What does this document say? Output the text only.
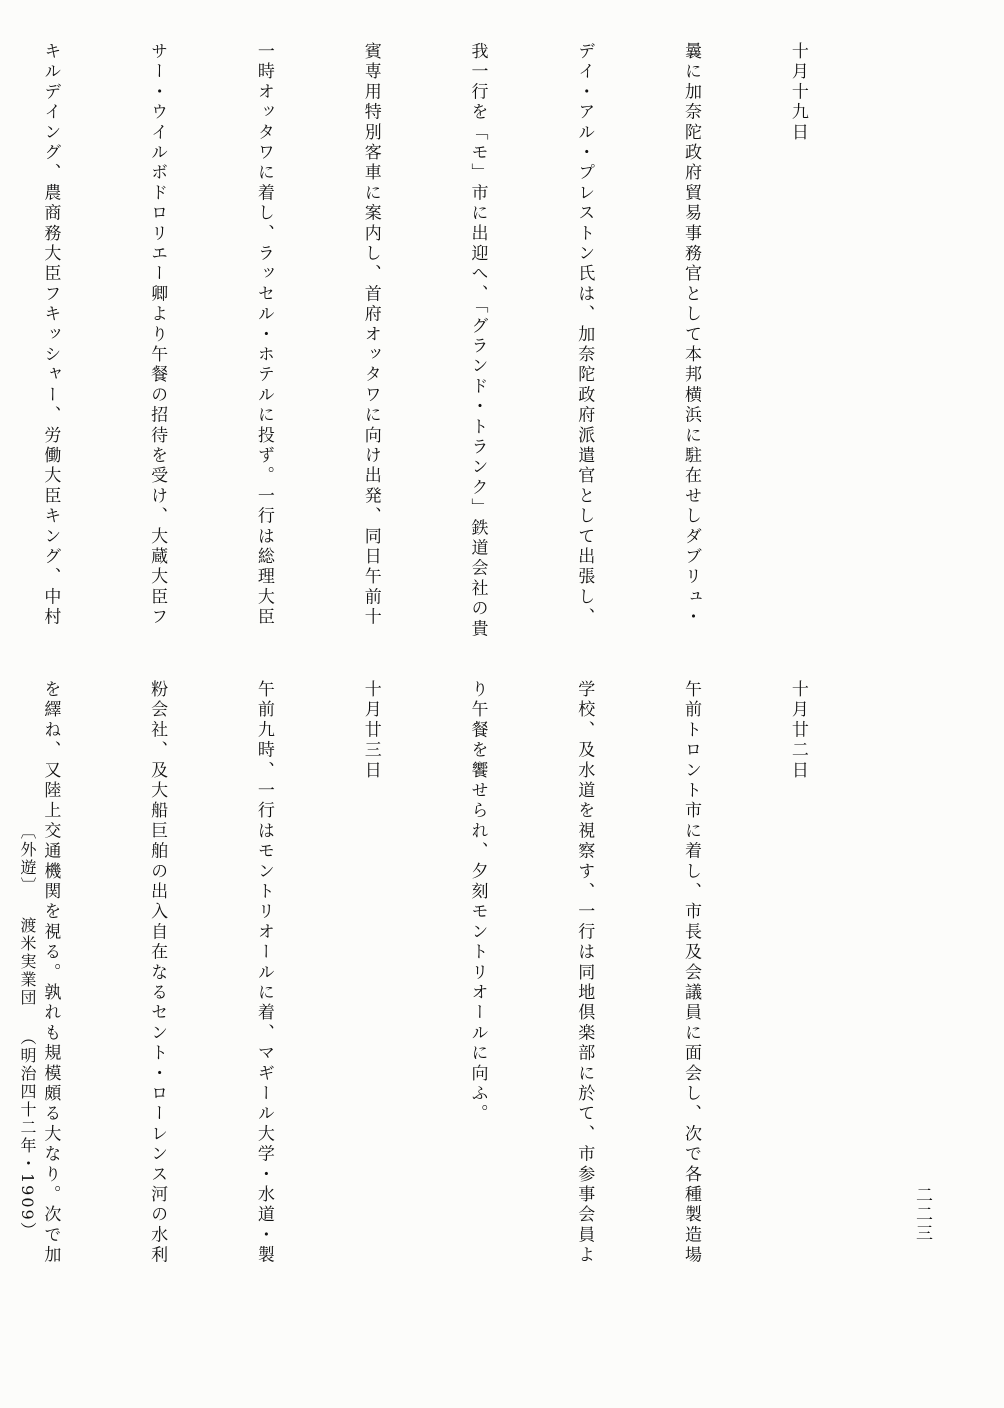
十月十九日

曩に加奈陀政府貿易事務官として本邦横浜に駐在せしダブリュ・

デイ・アル・プレストン氏は、加奈陀政府派遣官として出張し、

我一行を「モ」市に出迎へ、「グランド・トランク」鉄道会社の貴

賓専用特別客車に案内し、首府オッタワに向け出発、同日午前十

一時オッタワに着し、ラッセル・ホテルに投ず。一行は総理大臣

サー・ウイルボドロリエー卿より午餐の招待を受け、大蔵大臣フ

キルデイング、農商務大臣フキッシャー、労働大臣キング、中村

十月廿二日

午前トロント市に着し、市長及会議員に面会し、次で各種製造場

学校、及水道を視察す、一行は同地倶楽部に於て、市参事会員よ

り午餐を饗せられ、夕刻モントリオールに向ふ。

十月廿三日

午前九時、一行はモントリオールに着、マギール大学・水道・製

粉会社、及大船巨舶の出入自在なるセント・ローレンス河の水利

を繹ね、又陸上交通機関を視る。孰れも規模頗る大なり。次で加

〔外遊〕渡米実業団（明治四十二年・1909）
	二二三
